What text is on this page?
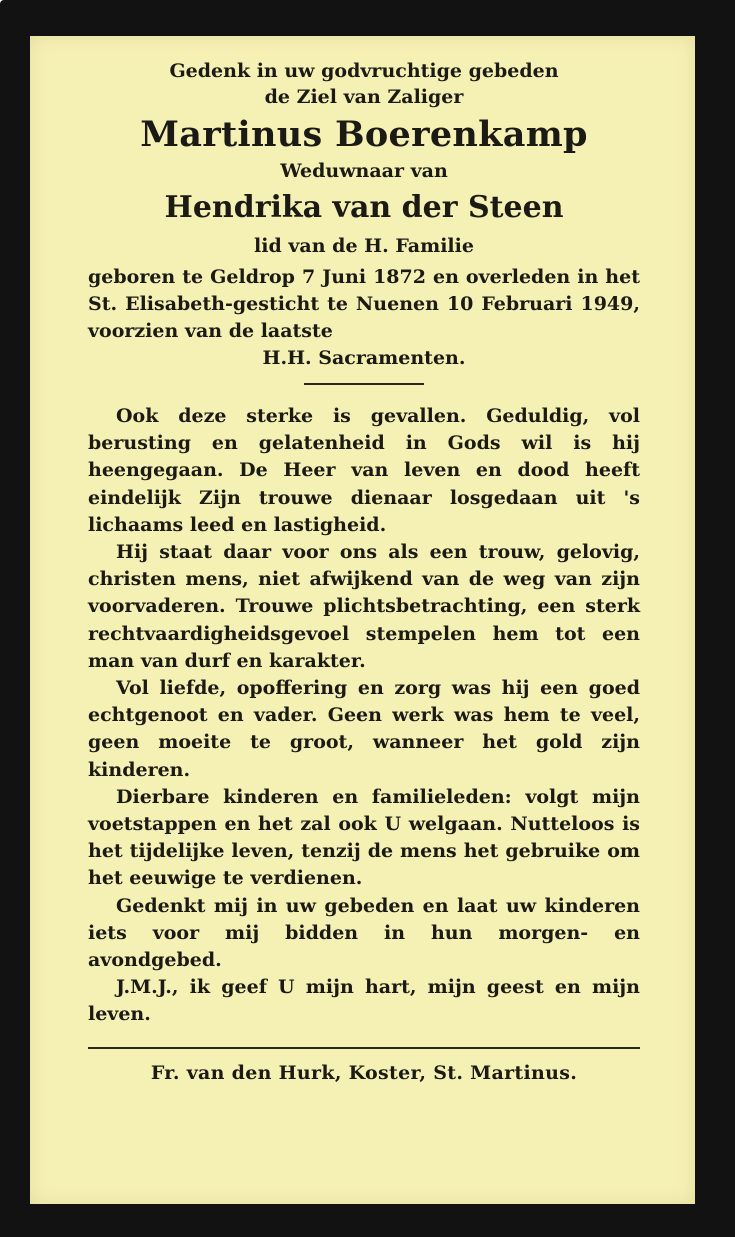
Gedenk in uw godvruchtige gebeden
de Ziel van Zaliger
Martinus Boerenkamp
Weduwnaar van
Hendrika van der Steen
lid van de H. Familie
geboren te Geldrop 7 Juni 1872 en overleden in het St. Elisabeth-gesticht te Nuenen 10 Februari 1949, voorzien van de laatste
H.H. Sacramenten.

Ook deze sterke is gevallen. Geduldig, vol berusting en gelatenheid in Gods wil is hij heengegaan. De Heer van leven en dood heeft eindelijk Zijn trouwe dienaar losgedaan uit 's lichaams leed en lastigheid.

Hij staat daar voor ons als een trouw, gelovig, christen mens, niet afwijkend van de weg van zijn voorvaderen. Trouwe plichtsbetrachting, een sterk rechtvaardigheidsgevoel stempelen hem tot een man van durf en karakter.

Vol liefde, opoffering en zorg was hij een goed echtgenoot en vader. Geen werk was hem te veel, geen moeite te groot, wanneer het gold zijn kinderen.

Dierbare kinderen en familieleden: volgt mijn voetstappen en het zal ook U welgaan. Nutteloos is het tijdelijke leven, tenzij de mens het gebruike om het eeuwige te verdienen.

Gedenkt mij in uw gebeden en laat uw kinderen iets voor mij bidden in hun morgen- en avondgebed.

J.M.J., ik geef U mijn hart, mijn geest en mijn leven.

Fr. van den Hurk, Koster, St. Martinus.
